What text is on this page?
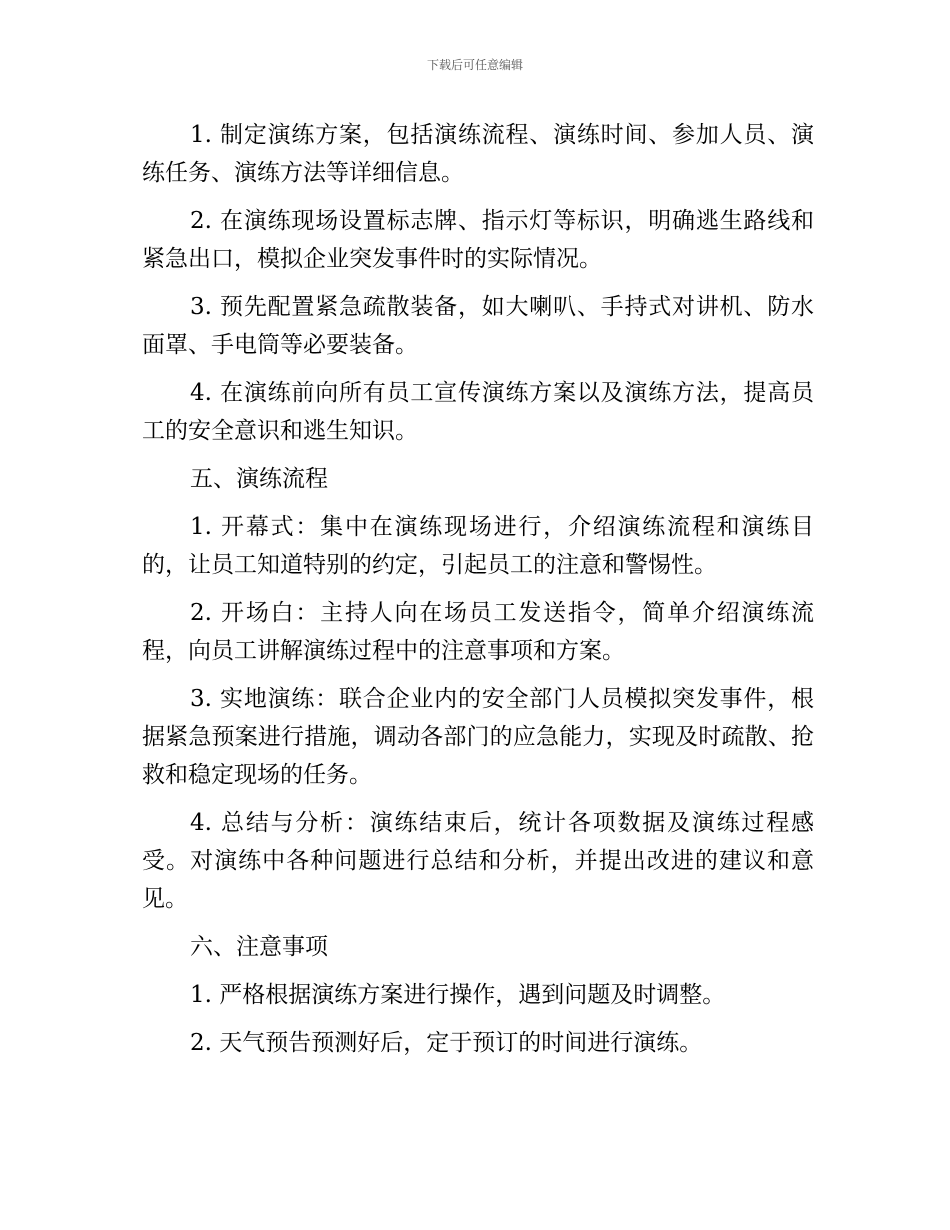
下载后可任意编辑

1. 制定演练方案，包括演练流程、演练时间、参加人员、演练任务、演练方法等详细信息。

2. 在演练现场设置标志牌、指示灯等标识，明确逃生路线和紧急出口，模拟企业突发事件时的实际情况。

3. 预先配置紧急疏散装备，如大喇叭、手持式对讲机、防水面罩、手电筒等必要装备。

4. 在演练前向所有员工宣传演练方案以及演练方法，提高员工的安全意识和逃生知识。

五、演练流程

1. 开幕式：集中在演练现场进行，介绍演练流程和演练目的，让员工知道特别的约定，引起员工的注意和警惕性。

2. 开场白：主持人向在场员工发送指令，简单介绍演练流程，向员工讲解演练过程中的注意事项和方案。

3. 实地演练：联合企业内的安全部门人员模拟突发事件，根据紧急预案进行措施，调动各部门的应急能力，实现及时疏散、抢救和稳定现场的任务。

4. 总结与分析：演练结束后，统计各项数据及演练过程感受。对演练中各种问题进行总结和分析，并提出改进的建议和意见。

六、注意事项

1. 严格根据演练方案进行操作，遇到问题及时调整。

2. 天气预告预测好后，定于预订的时间进行演练。
